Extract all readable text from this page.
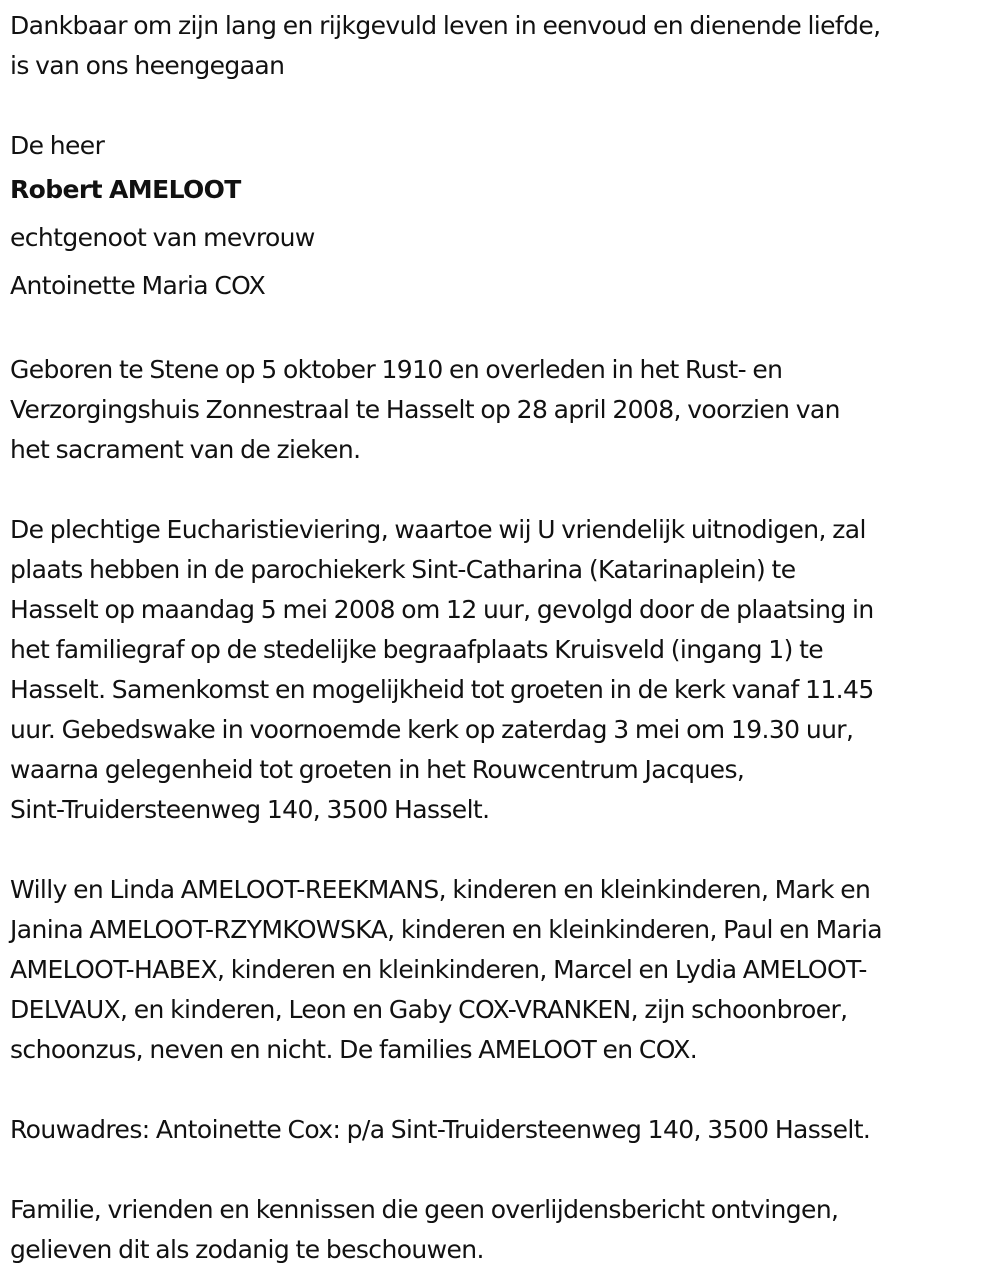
Dankbaar om zijn lang en rijkgevuld leven in eenvoud en dienende liefde,

is van ons heengegaan

De heer

Robert AMELOOT

echtgenoot van mevrouw

Antoinette Maria COX

Geboren te Stene op 5 oktober 1910 en overleden in het Rust- en

Verzorgingshuis Zonnestraal te Hasselt op 28 april 2008, voorzien van

het sacrament van de zieken.

De plechtige Eucharistieviering, waartoe wij U vriendelijk uitnodigen, zal

plaats hebben in de parochiekerk Sint-Catharina (Katarinaplein) te

Hasselt op maandag 5 mei 2008 om 12 uur, gevolgd door de plaatsing in

het familiegraf op de stedelijke begraafplaats Kruisveld (ingang 1) te

Hasselt. Samenkomst en mogelijkheid tot groeten in de kerk vanaf 11.45

uur. Gebedswake in voornoemde kerk op zaterdag 3 mei om 19.30 uur,

waarna gelegenheid tot groeten in het Rouwcentrum Jacques,

Sint-Truidersteenweg 140, 3500 Hasselt.

Willy en Linda AMELOOT-REEKMANS, kinderen en kleinkinderen, Mark en

Janina AMELOOT-RZYMKOWSKA, kinderen en kleinkinderen, Paul en Maria

AMELOOT-HABEX, kinderen en kleinkinderen, Marcel en Lydia AMELOOT-

DELVAUX, en kinderen, Leon en Gaby COX-VRANKEN, zijn schoonbroer,

schoonzus, neven en nicht. De families AMELOOT en COX.

Rouwadres: Antoinette Cox: p/a Sint-Truidersteenweg 140, 3500 Hasselt.

Familie, vrienden en kennissen die geen overlijdensbericht ontvingen,

gelieven dit als zodanig te beschouwen.
